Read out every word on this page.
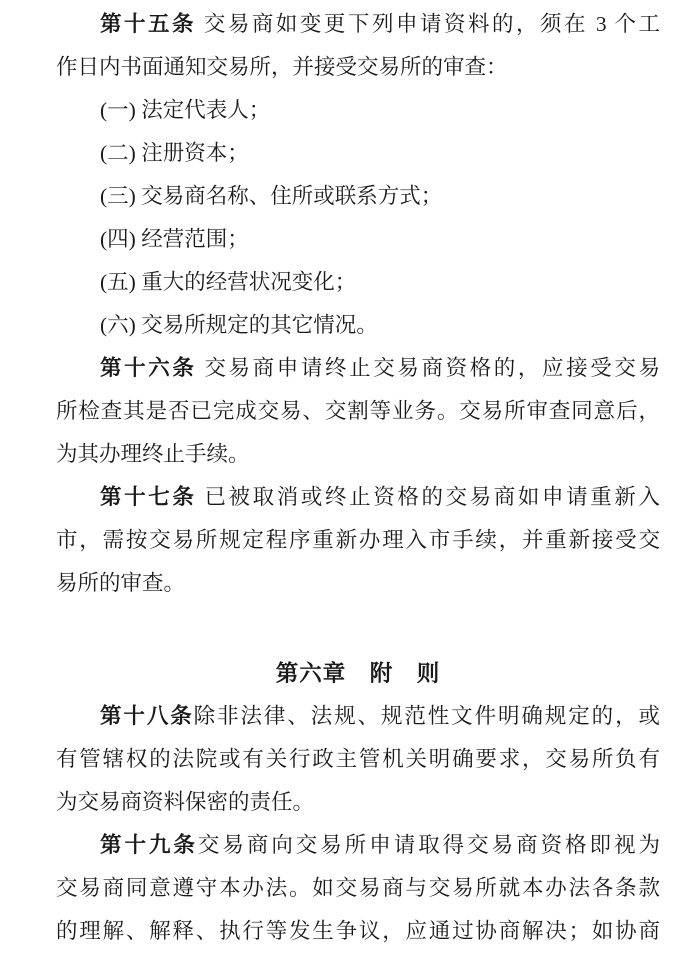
第十五条 交易商如变更下列申请资料的，须在 3 个工
作日内书面通知交易所，并接受交易所的审查：
(一) 法定代表人；
(二) 注册资本；
(三) 交易商名称、住所或联系方式；
(四) 经营范围；
(五) 重大的经营状况变化；
(六) 交易所规定的其它情况。
第十六条 交易商申请终止交易商资格的，应接受交易
所检查其是否已完成交易、交割等业务。交易所审查同意后，
为其办理终止手续。
第十七条 已被取消或终止资格的交易商如申请重新入
市，需按交易所规定程序重新办理入市手续，并重新接受交
易所的审查。
第六章　附　则
第十八条除非法律、法规、规范性文件明确规定的，或
有管辖权的法院或有关行政主管机关明确要求，交易所负有
为交易商资料保密的责任。
第十九条交易商向交易所申请取得交易商资格即视为
交易商同意遵守本办法。如交易商与交易所就本办法各条款
的理解、解释、执行等发生争议，应通过协商解决；如协商
